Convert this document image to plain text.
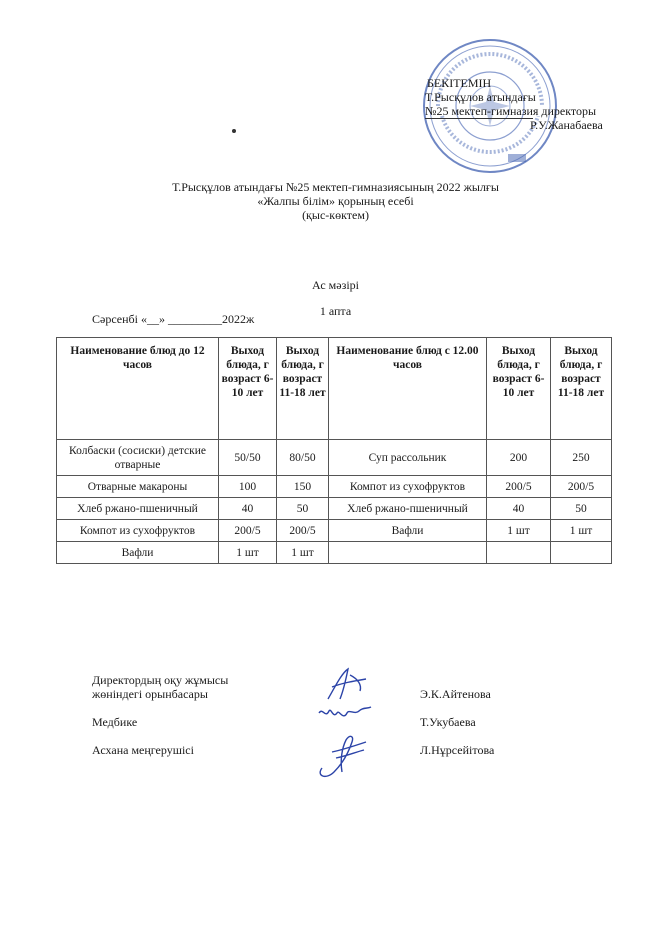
БЕКІТЕМІН
Т.Рысқұлов атындағы
№25 мектеп-гимназия директоры
Р.У.Жанабаева
Т.Рысқұлов атындағы №25 мектеп-гимназиясының 2022 жылғы
«Жалпы білім» қорының есебі
(қыс-көктем)
Ас мәзірі
1 апта
Сәрсенбі «__» _________2022ж
Наименование блюд до 12 часов	Выход блюда, г возраст 6-10 лет	Выход блюда, г возраст 11-18 лет	Наименование блюд с 12.00 часов	Выход блюда, г возраст 6-10 лет	Выход блюда, г возраст 11-18 лет
Колбаски (сосиски) детские отварные	50/50	80/50	Суп рассольник	200	250
Отварные макароны	100	150	Компот из сухофруктов	200/5	200/5
Хлеб ржано-пшеничный	40	50	Хлеб ржано-пшеничный	40	50
Компот из сухофруктов	200/5	200/5	Вафли	1 шт	1 шт
Вафли	1 шт	1 шт			
Директордың оқу жұмысы
жөніндегі орынбасары	Э.К.Айтенова
Медбике	Т.Укубаева
Асхана меңгерушісі	Л.Нұрсейітова
